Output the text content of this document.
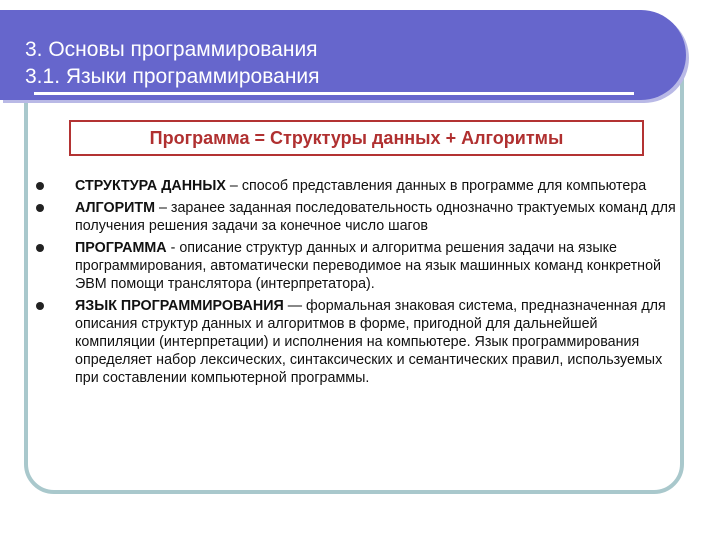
3. Основы программирования
3.1. Языки программирования
Программа = Структуры данных + Алгоритмы
СТРУКТУРА ДАННЫХ – способ представления данных в программе для компьютера
АЛГОРИТМ – заранее заданная последовательность однозначно трактуемых команд для получения решения задачи за конечное число шагов
ПРОГРАММА - описание структур данных и алгоритма решения задачи на языке программирования, автоматически переводимое на язык машинных команд конкретной ЭВМ помощи транслятора (интерпретатора).
ЯЗЫК ПРОГРАММИРОВАНИЯ — формальная знаковая система, предназначенная для описания структур данных и алгоритмов в форме, пригодной для дальнейшей компиляции (интерпретации) и исполнения на компьютере. Язык программирования определяет набор лексических, синтаксических и семантических правил, используемых при составлении компьютерной программы.
